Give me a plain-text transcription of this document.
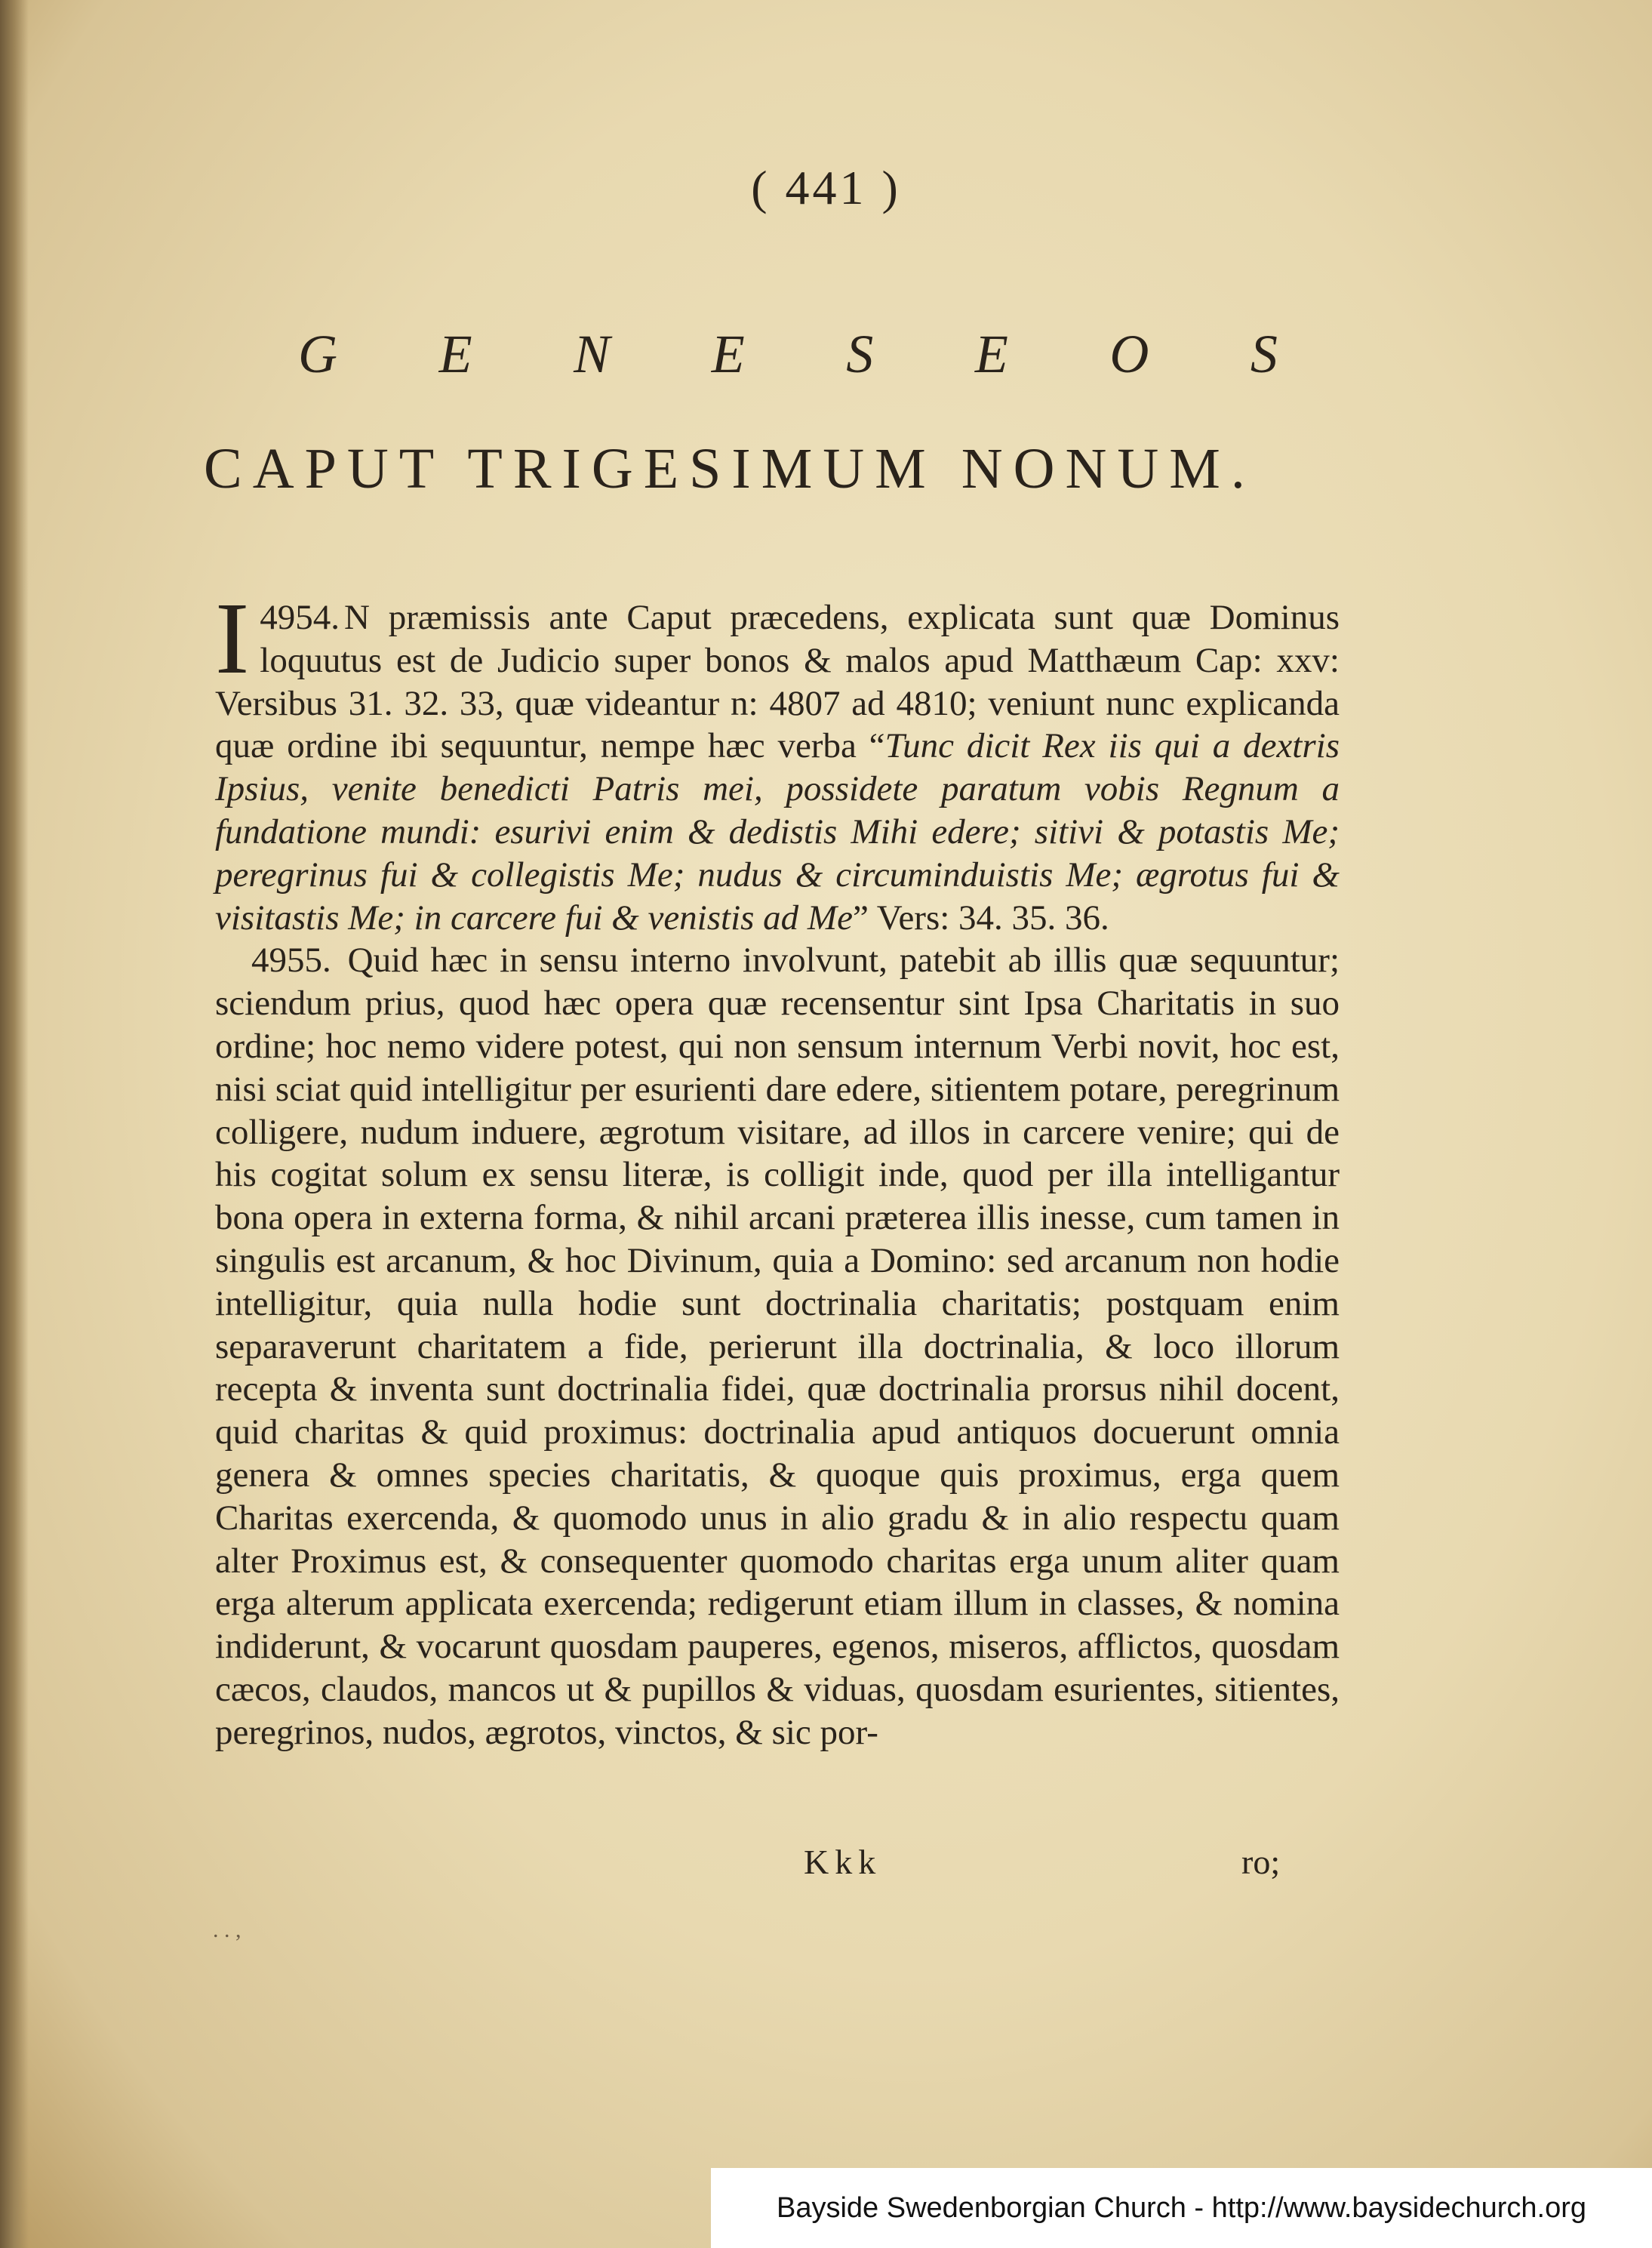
( 441 )
G E N E S E O S
CAPUT TRIGESIMUM NONUM.

4954.
I	N præmissis ante Caput præcedens, explicata sunt quæ Dominus loquutus est de Judicio super bonos & malos apud Matthæum Cap: xxv: Versibus 31. 32. 33, quæ videantur n: 4807 ad 4810; veniunt nunc explicanda quæ ordine ibi sequuntur, nempe hæc verba “Tunc dicit Rex iis qui a dextris Ipsius, venite benedicti Patris mei, possidete paratum vobis Regnum a fundatione mundi: esurivi enim & dedistis Mihi edere; sitivi & potastis Me; peregrinus fui & collegistis Me; nudus & circuminduistis Me; ægrotus fui & visitastis Me; in carcere fui & venistis ad Me” Vers: 34. 35. 36.

4955. Quid hæc in sensu interno involvunt, patebit ab illis quæ sequuntur; sciendum prius, quod hæc opera quæ recensentur sint Ipsa Charitatis in suo ordine; hoc nemo videre potest, qui non sensum internum Verbi novit, hoc est, nisi sciat quid intelligitur per esurienti dare edere, sitientem potare, peregrinum colligere, nudum induere, ægrotum visitare, ad illos in carcere venire; qui de his cogitat solum ex sensu literæ, is colligit inde, quod per illa intelligantur bona opera in externa forma, & nihil arcani præterea illis inesse, cum tamen in singulis est arcanum, & hoc Divinum, quia a Domino: sed arcanum non hodie intelligitur, quia nulla hodie sunt doctrinalia charitatis; postquam enim separaverunt charitatem a fide, perierunt illa doctrinalia, & loco illorum recepta & inventa sunt doctrinalia fidei, quæ doctrinalia prorsus nihil docent, quid charitas & quid proximus: doctrinalia apud antiquos docuerunt omnia genera & omnes species charitatis, & quoque quis proximus, erga quem Charitas exercenda, & quomodo unus in alio gradu & in alio respectu quam alter Proximus est, & consequenter quomodo charitas erga unum aliter quam erga alterum applicata exercenda; redigerunt etiam illum in classes, & nomina indiderunt, & vocarunt quosdam pauperes, egenos, miseros, afflictos, quosdam cæcos, claudos, mancos ut & pupillos & viduas, quosdam esurientes, sitientes, peregrinos, nudos, ægrotos, vinctos, & sic por-

Kkk	ro;
. . ,
Bayside Swedenborgian Church - http://www.baysidechurch.org
